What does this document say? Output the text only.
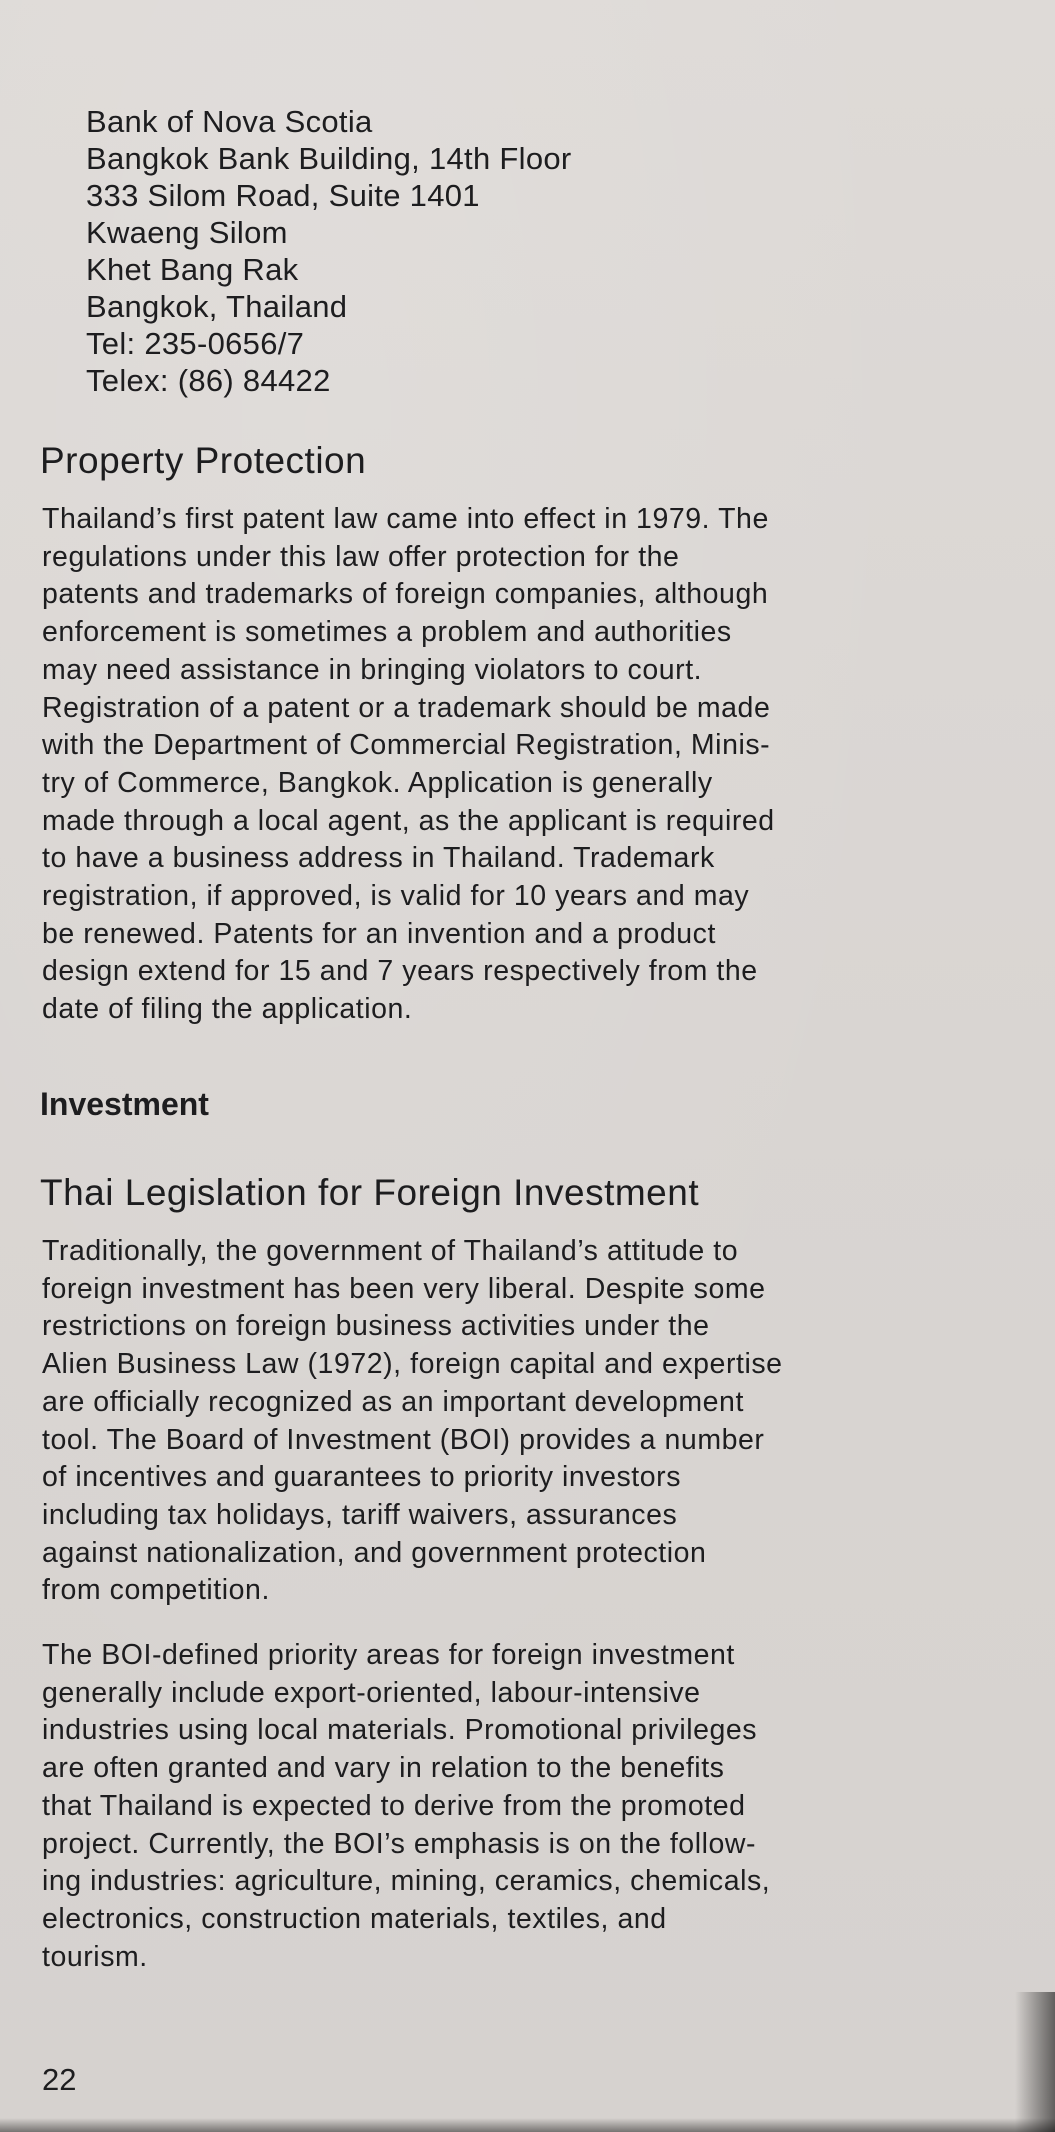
Bank of Nova Scotia
Bangkok Bank Building, 14th Floor
333 Silom Road, Suite 1401
Kwaeng Silom
Khet Bang Rak
Bangkok, Thailand
Tel: 235-0656/7
Telex: (86) 84422
Property Protection

Thailand’s first patent law came into effect in 1979. The
regulations under this law offer protection for the
patents and trademarks of foreign companies, although
enforcement is sometimes a problem and authorities
may need assistance in bringing violators to court.
Registration of a patent or a trademark should be made
with the Department of Commercial Registration, Minis-
try of Commerce, Bangkok. Application is generally
made through a local agent, as the applicant is required
to have a business address in Thailand. Trademark
registration, if approved, is valid for 10 years and may
be renewed. Patents for an invention and a product
design extend for 15 and 7 years respectively from the
date of filing the application.

Investment
Thai Legislation for Foreign Investment

Traditionally, the government of Thailand’s attitude to
foreign investment has been very liberal. Despite some
restrictions on foreign business activities under the
Alien Business Law (1972), foreign capital and expertise
are officially recognized as an important development
tool. The Board of Investment (BOI) provides a number
of incentives and guarantees to priority investors
including tax holidays, tariff waivers, assurances
against nationalization, and government protection
from competition.

The BOI-defined priority areas for foreign investment
generally include export-oriented, labour-intensive
industries using local materials. Promotional privileges
are often granted and vary in relation to the benefits
that Thailand is expected to derive from the promoted
project. Currently, the BOI’s emphasis is on the follow-
ing industries: agriculture, mining, ceramics, chemicals,
electronics, construction materials, textiles, and
tourism.

22
